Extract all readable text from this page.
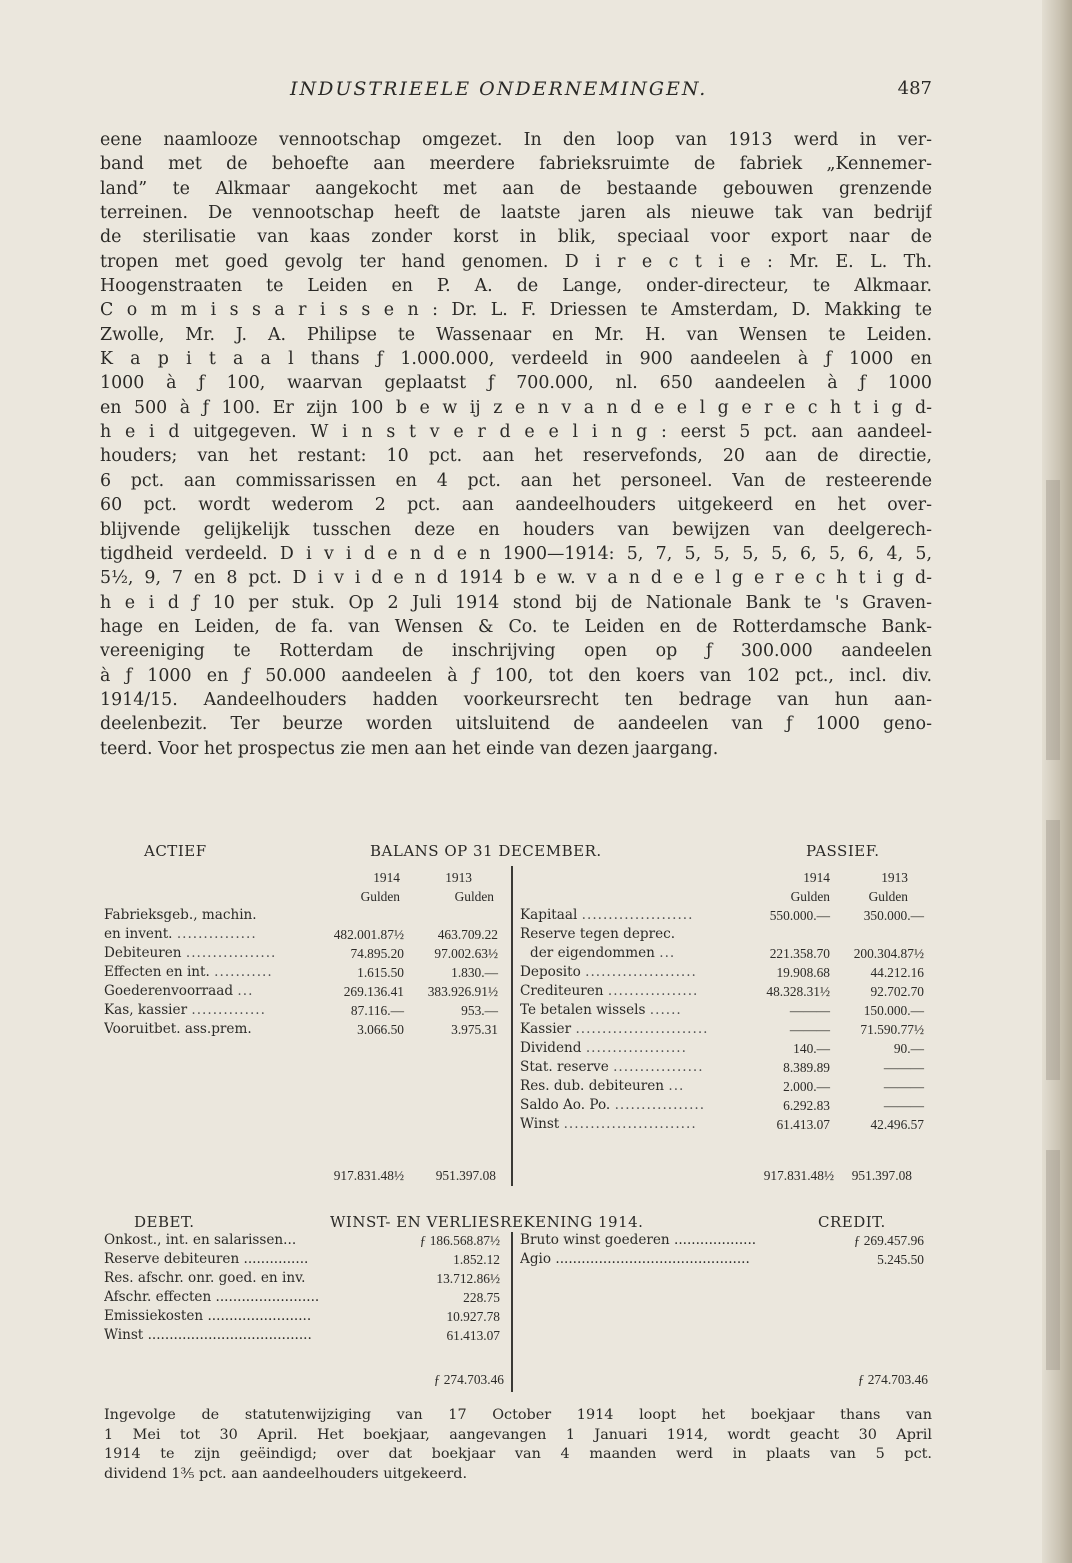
INDUSTRIEELE ONDERNEMINGEN.	487
eene naamlooze vennootschap omgezet. In den loop van 1913 werd in ver-
band met de behoefte aan meerdere fabrieksruimte de fabriek „Kennemer-
land” te Alkmaar aangekocht met aan de bestaande gebouwen grenzende
terreinen. De vennootschap heeft de laatste jaren als nieuwe tak van bedrijf
de sterilisatie van kaas zonder korst in blik, speciaal voor export naar de
tropen met goed gevolg ter hand genomen. D i r e c t i e : Mr. E. L. Th.
Hoogenstraaten te Leiden en P. A. de Lange, onder-directeur, te Alkmaar.
C o m m i s s a r i s s e n : Dr. L. F. Driessen te Amsterdam, D. Makking te
Zwolle, Mr. J. A. Philipse te Wassenaar en Mr. H. van Wensen te Leiden.
K a p i t a a l thans ƒ 1.000.000, verdeeld in 900 aandeelen à ƒ 1000 en
1000 à ƒ 100, waarvan geplaatst ƒ 700.000, nl. 650 aandeelen à ƒ 1000
en 500 à ƒ 100. Er zijn 100 b e w ij z e n v a n d e e l g e r e c h t i g d-
h e i d uitgegeven. W i n s t v e r d e e l i n g : eerst 5 pct. aan aandeel-
houders; van het restant: 10 pct. aan het reservefonds, 20 aan de directie,
6 pct. aan commissarissen en 4 pct. aan het personeel. Van de resteerende
60 pct. wordt wederom 2 pct. aan aandeelhouders uitgekeerd en het over-
blijvende gelijkelijk tusschen deze en houders van bewijzen van deelgerech-
tigdheid verdeeld. D i v i d e n d e n 1900—1914: 5, 7, 5, 5, 5, 5, 6, 5, 6, 4, 5,
5½, 9, 7 en 8 pct. D i v i d e n d 1914 b e w. v a n d e e l g e r e c h t i g d-
h e i d ƒ 10 per stuk. Op 2 Juli 1914 stond bij de Nationale Bank te 's Graven-
hage en Leiden, de fa. van Wensen & Co. te Leiden en de Rotterdamsche Bank-
vereeniging te Rotterdam de inschrijving open op ƒ 300.000 aandeelen
à ƒ 1000 en ƒ 50.000 aandeelen à ƒ 100, tot den koers van 102 pct., incl. div.
1914/15. Aandeelhouders hadden voorkeursrecht ten bedrage van hun aan-
deelenbezit. Ter beurze worden uitsluitend de aandeelen van ƒ 1000 geno-
teerd. Voor het prospectus zie men aan het einde van dezen jaargang.
ACTIEF	BALANS OP 31 DECEMBER.	PASSIEF.
1914	1913
Gulden	Gulden
Fabrieksgeb., machin.
en invent. ...............	482.001.87½	463.709.22
Debiteuren .................	74.895.20	97.002.63½
Effecten en int. ...........	1.615.50	1.830.—
Goederenvoorraad ...	269.136.41	383.926.91½
Kas, kassier ..............	87.116.—	953.—
Vooruitbet. ass.prem.	3.066.50	3.975.31
1914	1913
Gulden	Gulden
Kapitaal .....................	550.000.—	350.000.—
Reserve tegen deprec.
der eigendommen ...	221.358.70	200.304.87½
Deposito .....................	19.908.68	44.212.16
Crediteuren .................	48.328.31½	92.702.70
Te betalen wissels ......	———	150.000.—
Kassier .........................	———	71.590.77½
Dividend ...................	140.—	90.—
Stat. reserve .................	8.389.89	———
Res. dub. debiteuren ...	2.000.—	———
Saldo Ao. Po. .................	6.292.83	———
Winst .........................	61.413.07	42.496.57
917.831.48½	951.397.08	917.831.48½	951.397.08
DEBET.	WINST- EN VERLIESREKENING 1914.	CREDIT.
Onkost., int. en salarissen...	ƒ 186.568.87½
Reserve debiteuren ...............	1.852.12
Res. afschr. onr. goed. en inv.	13.712.86½
Afschr. effecten ........................	228.75
Emissiekosten ........................	10.927.78
Winst ......................................	61.413.07
Bruto winst goederen ...................	ƒ 269.457.96
Agio .............................................	5.245.50
ƒ 274.703.46	ƒ 274.703.46
Ingevolge de statutenwijziging van 17 October 1914 loopt het boekjaar thans van
1 Mei tot 30 April. Het boekjaar, aangevangen 1 Januari 1914, wordt geacht 30 April
1914 te zijn geëindigd; over dat boekjaar van 4 maanden werd in plaats van 5 pct.
dividend 1⅗ pct. aan aandeelhouders uitgekeerd.
